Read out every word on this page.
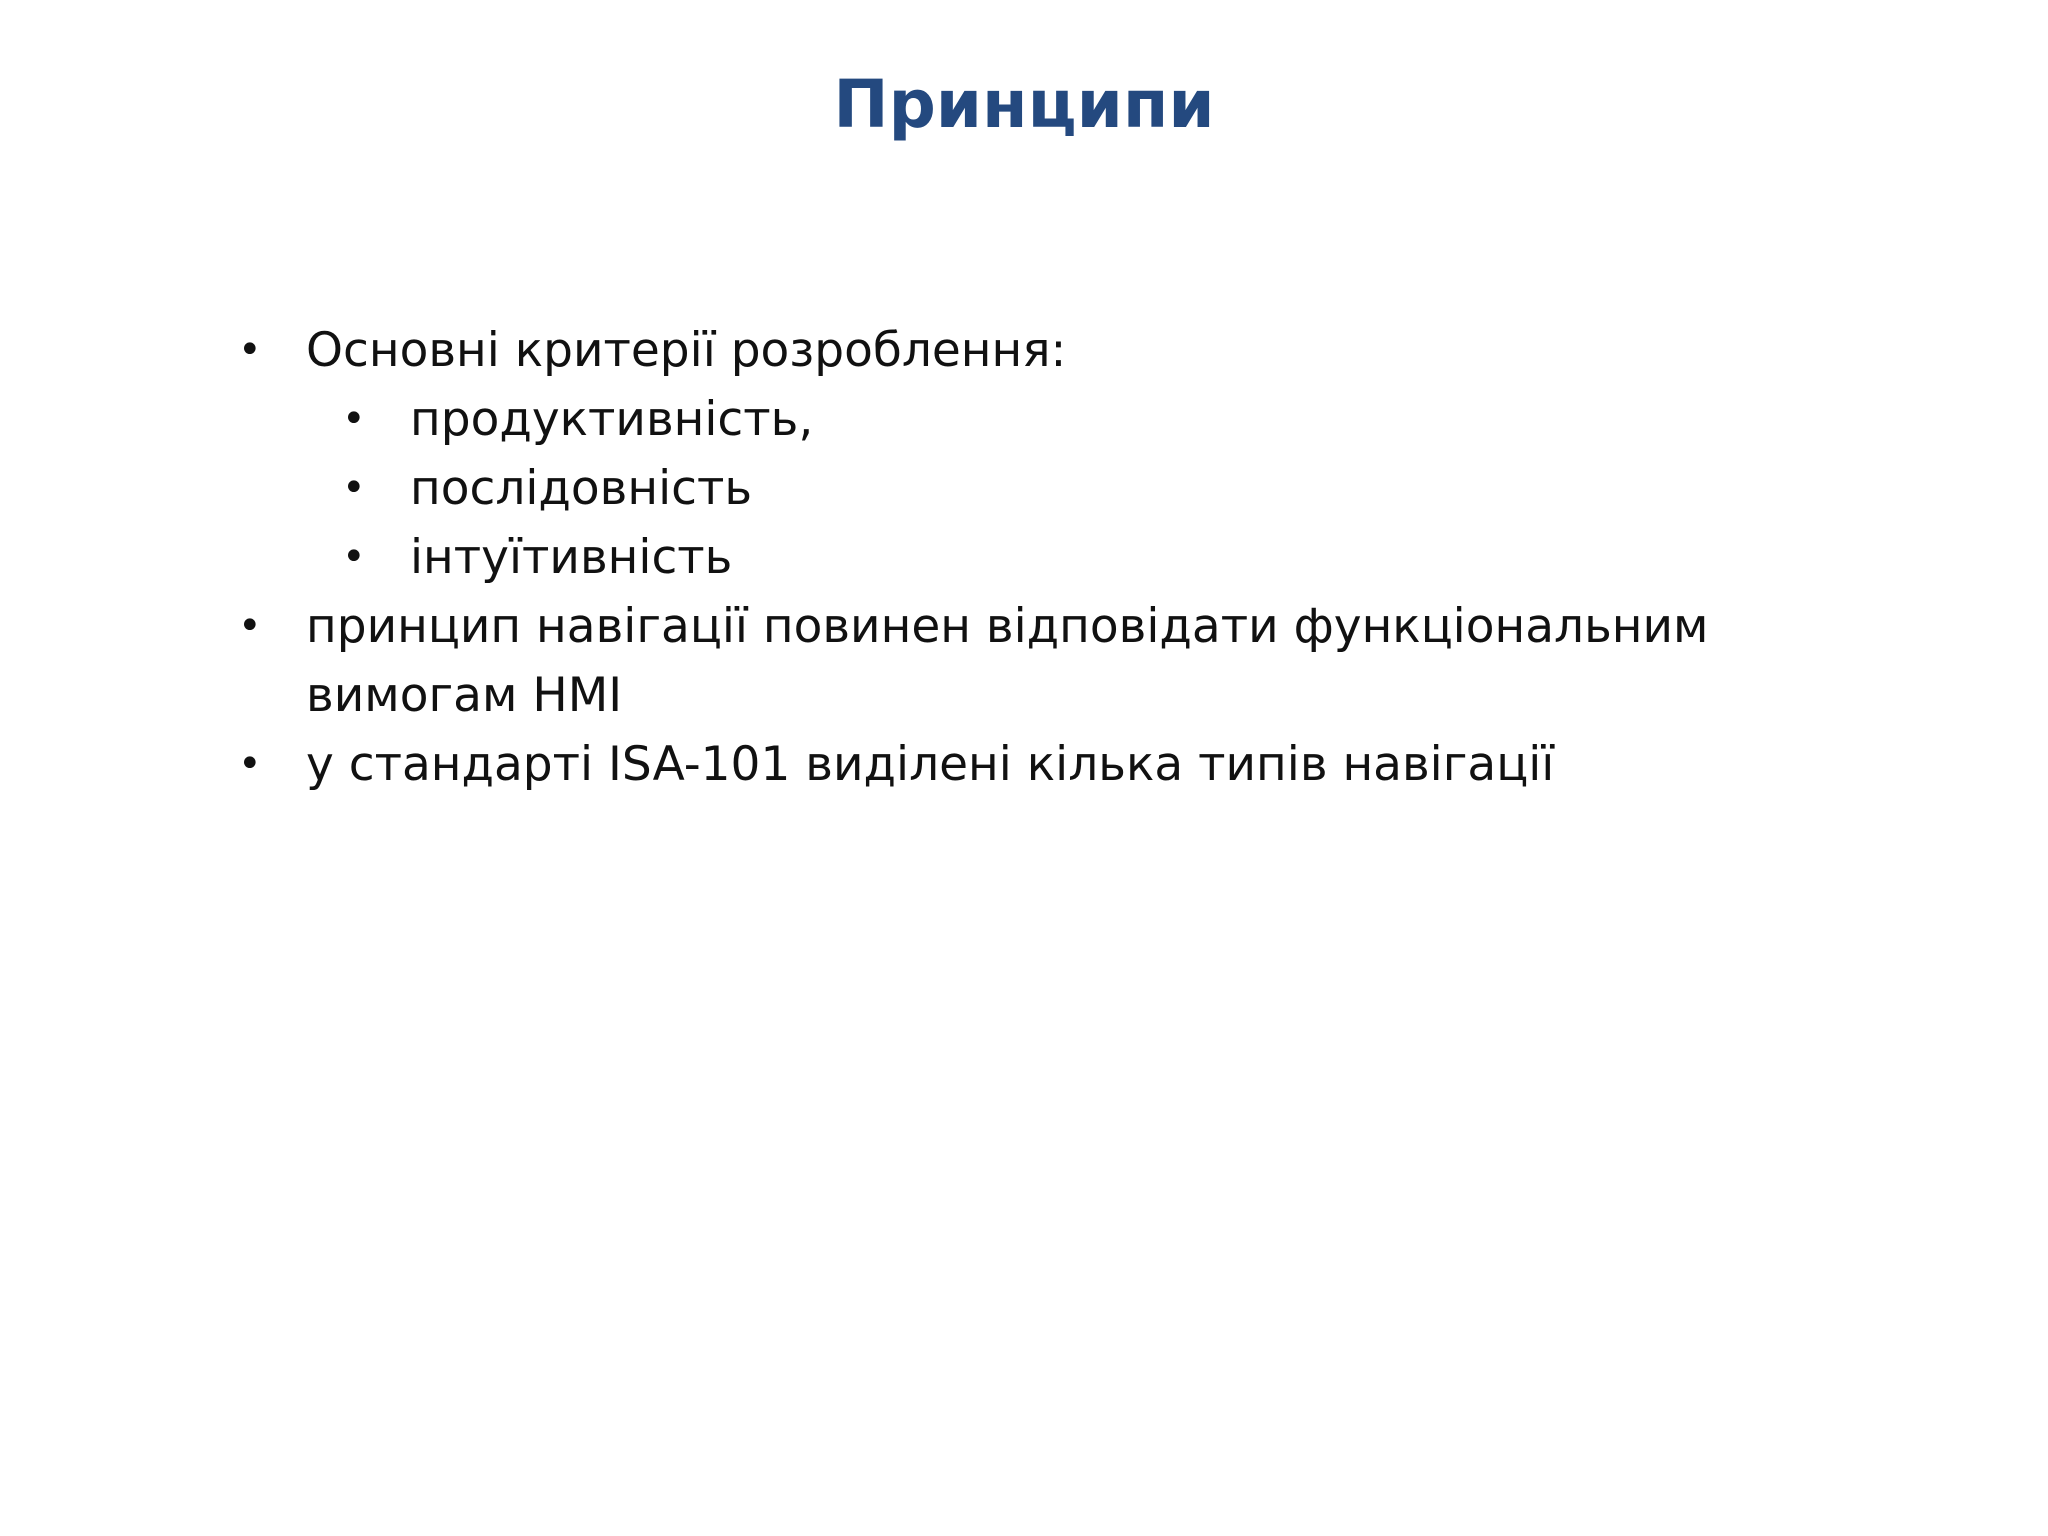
Принципи
• Основні критерії розроблення:
• продуктивність,
• послідовність
• інтуїтивність
• принцип навігації повинен відповідати функціональним вимогам HMI
• у стандарті ISA-101 виділені кілька типів навігації
